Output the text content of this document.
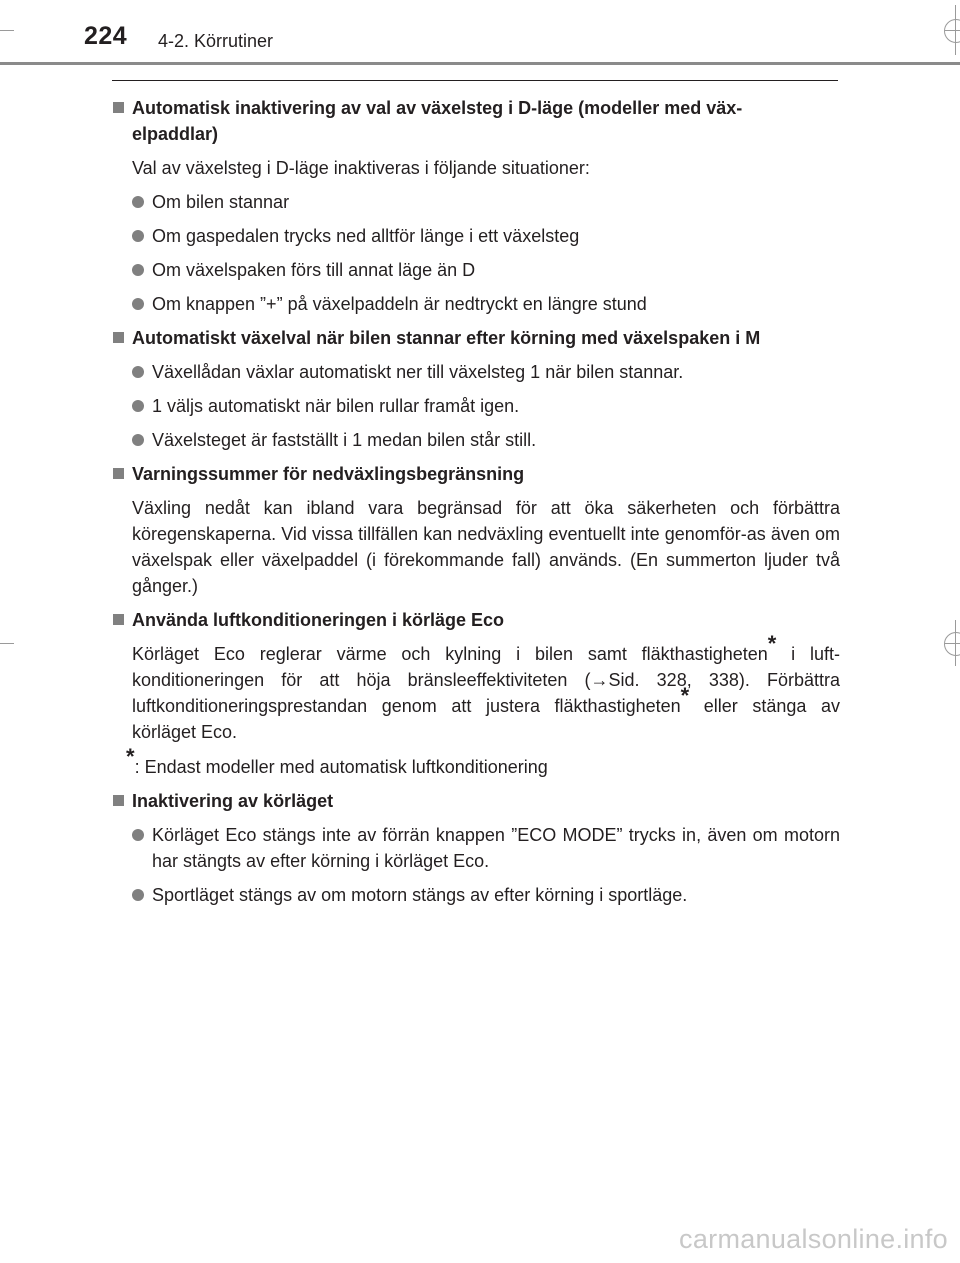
224 4-2. Körrutiner
Automatisk inaktivering av val av växelsteg i D-läge (modeller med väx-
elpaddlar)
Val av växelsteg i D-läge inaktiveras i följande situationer:
Om bilen stannar
Om gaspedalen trycks ned alltför länge i ett växelsteg
Om växelspaken förs till annat läge än D
Om knappen ”+” på växelpaddeln är nedtryckt en längre stund
Automatiskt växelval när bilen stannar efter körning med växelspaken i M
Växellådan växlar automatiskt ner till växelsteg 1 när bilen stannar.
1 väljs automatiskt när bilen rullar framåt igen.
Växelsteget är fastställt i 1 medan bilen står still.
Varningssummer för nedväxlingsbegränsning
Växling nedåt kan ibland vara begränsad för att öka säkerheten och förbättra köregenskaperna. Vid vissa tillfällen kan nedväxling eventuellt inte genomför-as även om växelspak eller växelpaddel (i förekommande fall) används. (En summerton ljuder två gånger.)
Använda luftkonditioneringen i körläge Eco
Körläget Eco reglerar värme och kylning i bilen samt fläkthastigheten* i luft-konditioneringen för att höja bränsleeffektiviteten (→Sid. 328, 338). Förbättra luftkonditioneringsprestandan genom att justera fläkthastigheten* eller stänga av körläget Eco.
*: Endast modeller med automatisk luftkonditionering
Inaktivering av körläget
Körläget Eco stängs inte av förrän knappen ”ECO MODE” trycks in, även om motorn har stängts av efter körning i körläget Eco.
Sportläget stängs av om motorn stängs av efter körning i sportläge.
carmanualsonline.info
